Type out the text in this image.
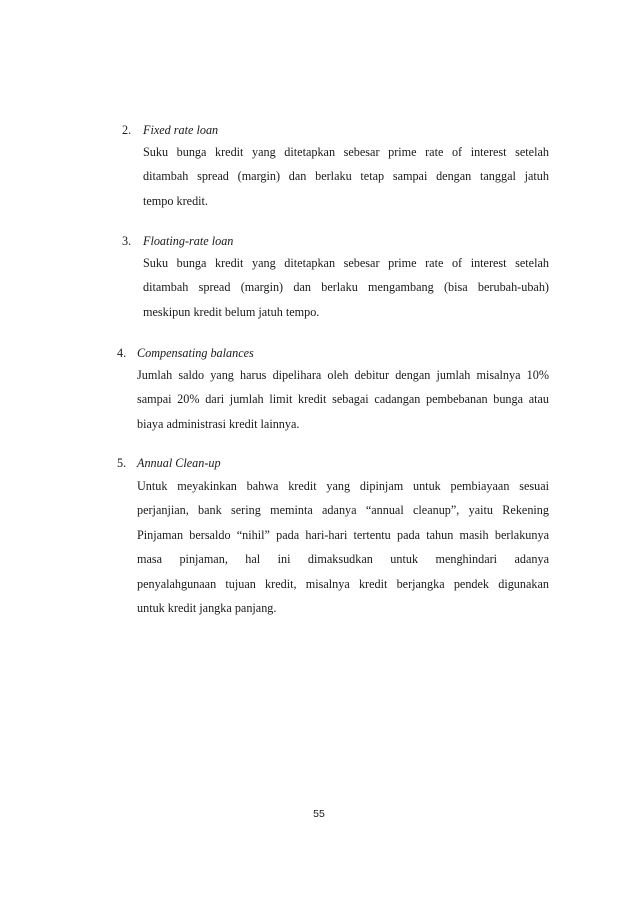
2. Fixed rate loan
Suku bunga kredit yang ditetapkan sebesar prime rate of interest setelah
ditambah spread (margin) dan berlaku tetap sampai dengan tanggal jatuh
tempo kredit.
3. Floating-rate loan
Suku bunga kredit yang ditetapkan sebesar prime rate of interest setelah
ditambah spread (margin) dan berlaku mengambang (bisa berubah-ubah)
meskipun kredit belum jatuh tempo.
4. Compensating balances
Jumlah saldo yang harus dipelihara oleh debitur dengan jumlah misalnya 10%
sampai 20% dari jumlah limit kredit sebagai cadangan pembebanan bunga atau
biaya administrasi kredit lainnya.
5. Annual Clean-up
Untuk meyakinkan bahwa kredit yang dipinjam untuk pembiayaan sesuai
perjanjian, bank sering meminta adanya “annual cleanup”, yaitu Rekening
Pinjaman bersaldo “nihil” pada hari-hari tertentu pada tahun masih berlakunya
masa pinjaman, hal ini dimaksudkan untuk menghindari adanya
penyalahgunaan tujuan kredit, misalnya kredit berjangka pendek digunakan
untuk kredit jangka panjang.
55
